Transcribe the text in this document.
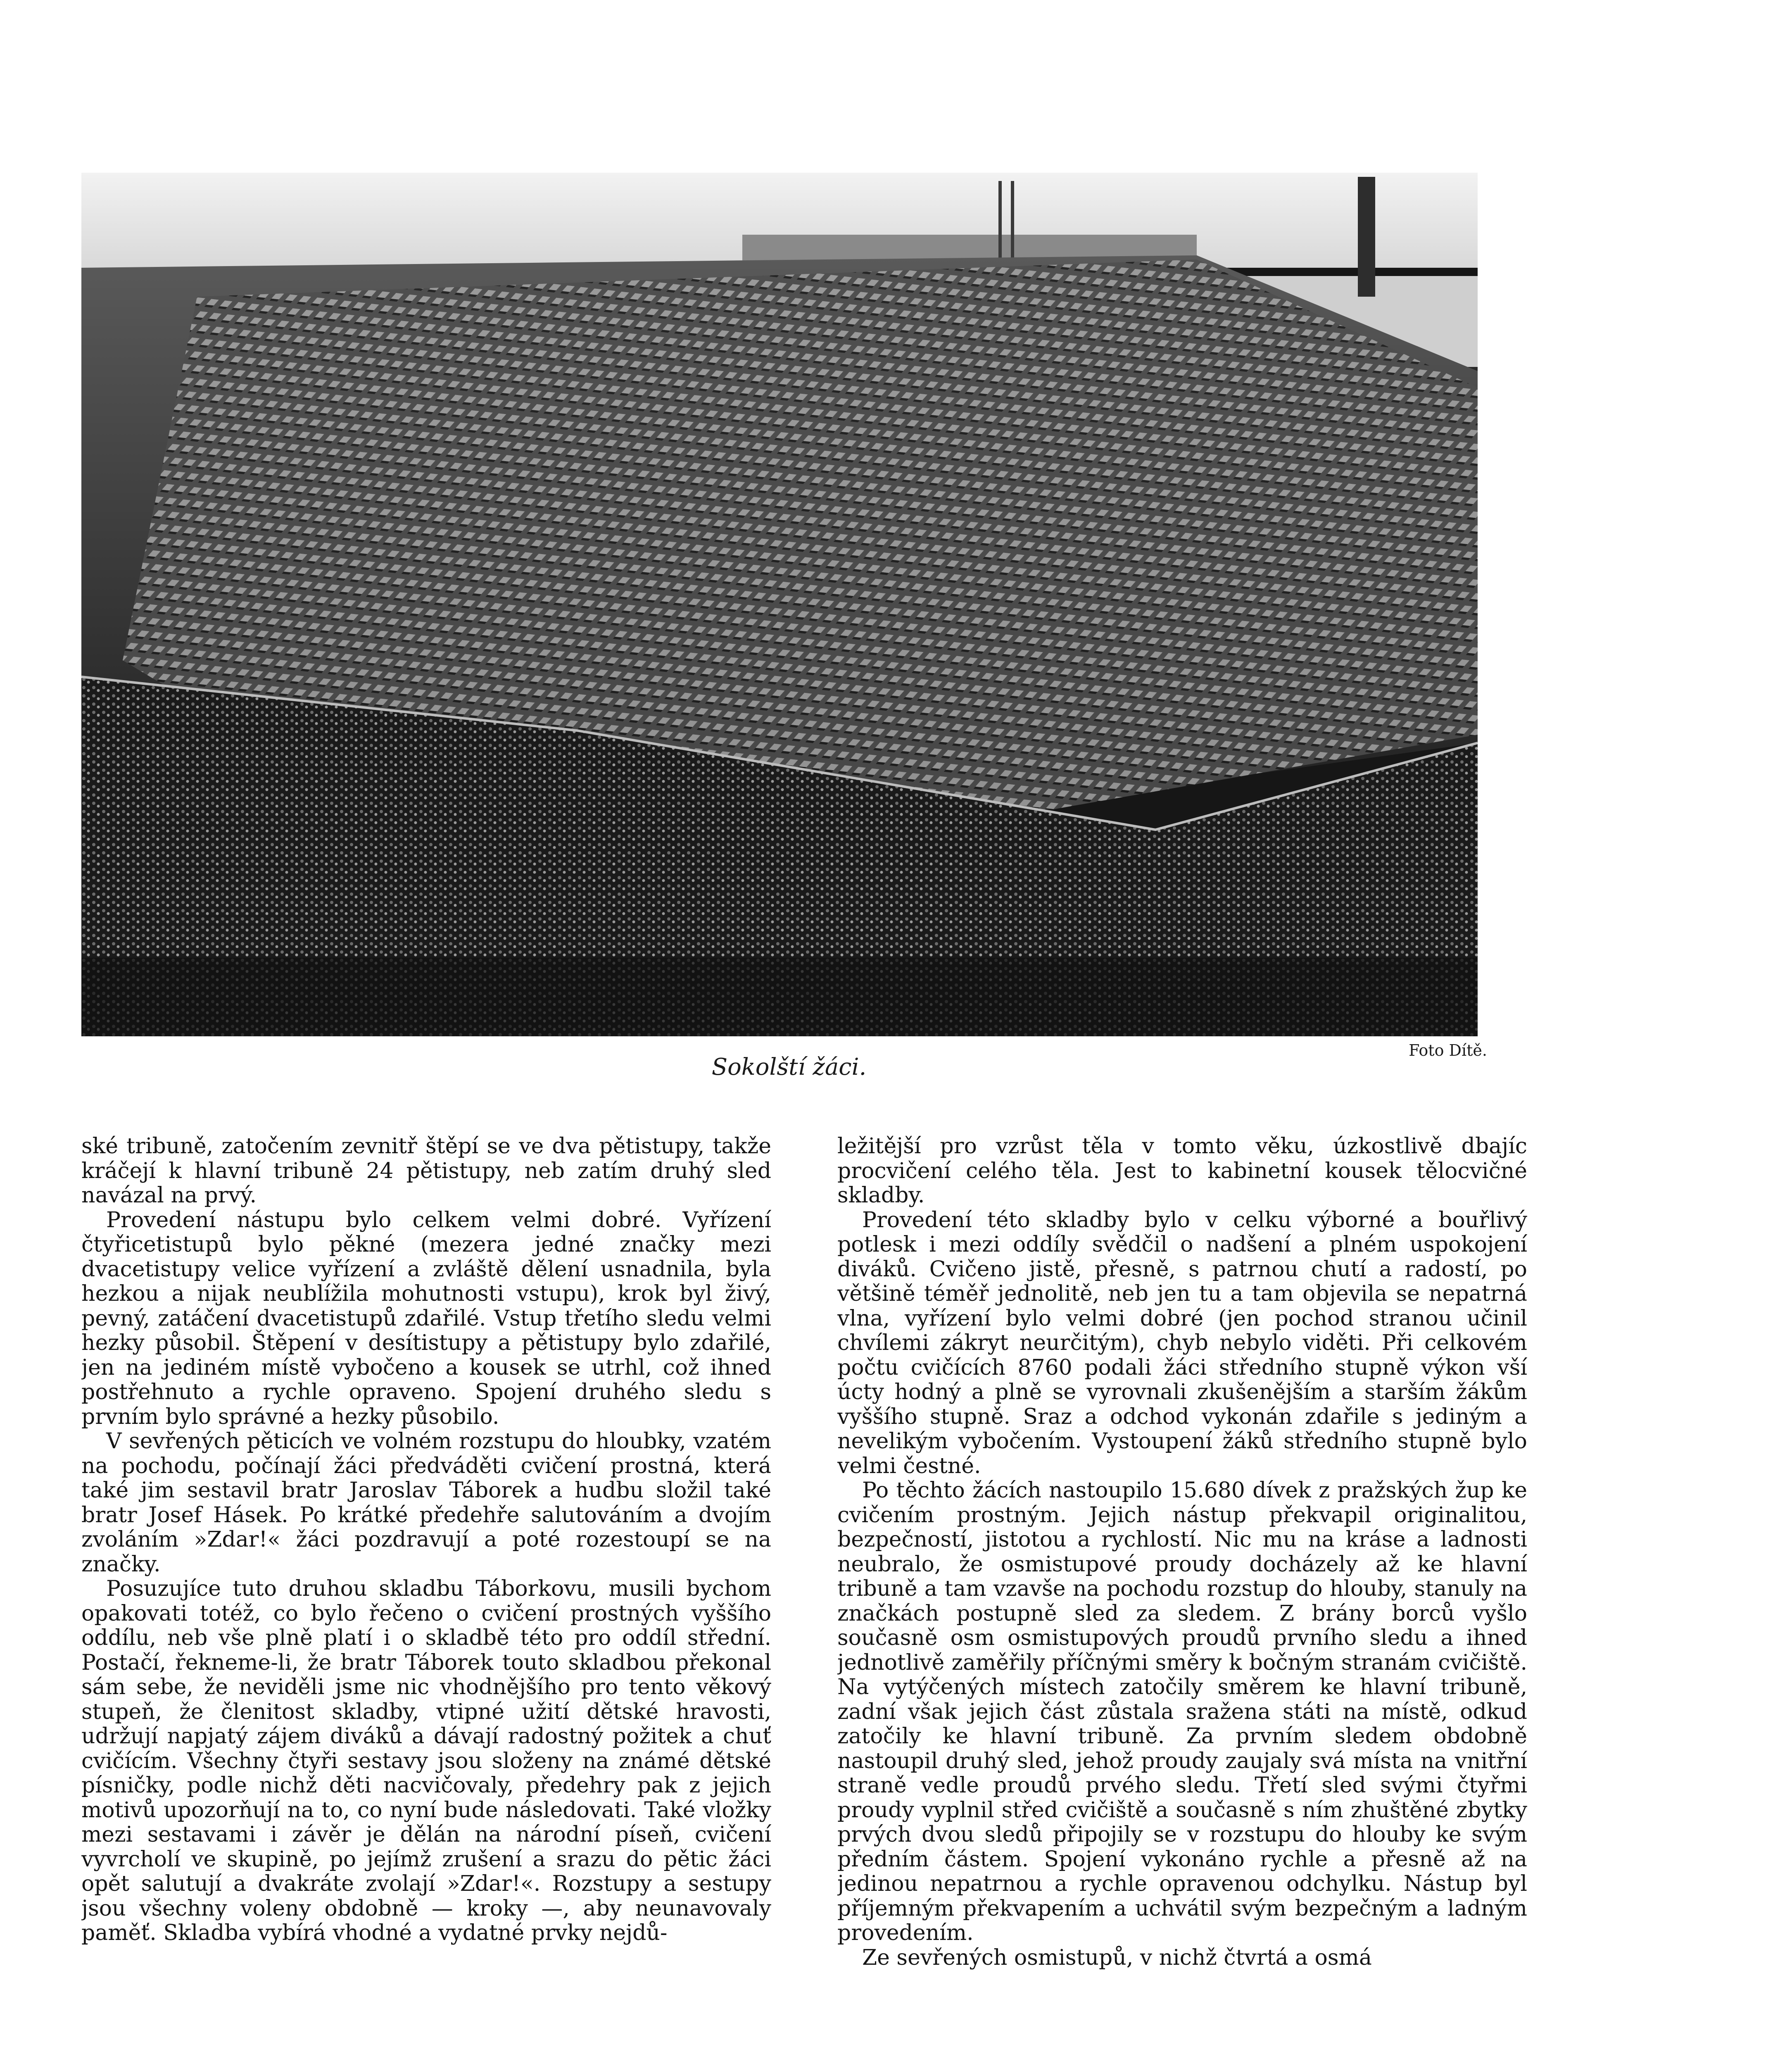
Sokolští žáci.
Foto Dítě.

ské tribuně, zatočením zevnitř štěpí se ve dva pětistupy, takže kráčejí k hlavní tribuně 24 pětistupy, neb zatím druhý sled navázal na prvý.

Provedení nástupu bylo celkem velmi dobré. Vyřízení čtyřicetistupů bylo pěkné (mezera jedné značky mezi dvacetistupy velice vyřízení a zvláště dělení usnadnila, byla hezkou a nijak neublížila mohutnosti vstupu), krok byl živý, pevný, zatáčení dvacetistupů zdařilé. Vstup třetího sledu velmi hezky působil. Štěpení v desítistupy a pětistupy bylo zdařilé, jen na jediném místě vybočeno a kousek se utrhl, což ihned postřehnuto a rychle opraveno. Spojení druhého sledu s prvním bylo správné a hezky působilo.

V sevřených pěticích ve volném rozstupu do hloubky, vzatém na pochodu, počínají žáci předváděti cvičení prostná, která také jim sestavil bratr Jaroslav Táborek a hudbu složil také bratr Josef Hásek. Po krátké předehře salutováním a dvojím zvoláním »Zdar!« žáci pozdravují a poté rozestoupí se na značky.

Posuzujíce tuto druhou skladbu Táborkovu, musili bychom opakovati totéž, co bylo řečeno o cvičení prostných vyššího oddílu, neb vše plně platí i o skladbě této pro oddíl střední. Postačí, řekneme-li, že bratr Táborek touto skladbou překonal sám sebe, že neviděli jsme nic vhodnějšího pro tento věkový stupeň, že členitost skladby, vtipné užití dětské hravosti, udržují napjatý zájem diváků a dávají radostný požitek a chuť cvičícím. Všechny čtyři sestavy jsou složeny na známé dětské písničky, podle nichž děti nacvičovaly, předehry pak z jejich motivů upozorňují na to, co nyní bude následovati. Také vložky mezi sestavami i závěr je dělán na národní píseň, cvičení vyvrcholí ve skupině, po jejímž zrušení a srazu do pětic žáci opět salutují a dvakráte zvolají »Zdar!«. Rozstupy a sestupy jsou všechny voleny obdobně — kroky —, aby neunavovaly paměť. Skladba vybírá vhodné a vydatné prvky nejdů-

ležitější pro vzrůst těla v tomto věku, úzkostlivě dbajíc procvičení celého těla. Jest to kabinetní kousek tělocvičné skladby.

Provedení této skladby bylo v celku výborné a bouřlivý potlesk i mezi oddíly svědčil o nadšení a plném uspokojení diváků. Cvičeno jistě, přesně, s patrnou chutí a radostí, po většině téměř jednolitě, neb jen tu a tam objevila se nepatrná vlna, vyřízení bylo velmi dobré (jen pochod stranou učinil chvílemi zákryt neurčitým), chyb nebylo viděti. Při celkovém počtu cvičících 8760 podali žáci středního stupně výkon vší úcty hodný a plně se vyrovnali zkušenějším a starším žákům vyššího stupně. Sraz a odchod vykonán zdařile s jediným a nevelikým vybočením. Vystoupení žáků středního stupně bylo velmi čestné.

Po těchto žácích nastoupilo 15.680 dívek z pražských žup ke cvičením prostným. Jejich nástup překvapil originalitou, bezpečností, jistotou a rychlostí. Nic mu na kráse a ladnosti neubralo, že osmistupové proudy docházely až ke hlavní tribuně a tam vzavše na pochodu rozstup do hlouby, stanuly na značkách postupně sled za sledem. Z brány borců vyšlo současně osm osmistupových proudů prvního sledu a ihned jednotlivě zaměřily příčnými směry k bočným stranám cvičiště. Na vytýčených místech zatočily směrem ke hlavní tribuně, zadní však jejich část zůstala sražena státi na místě, odkud zatočily ke hlavní tribuně. Za prvním sledem obdobně nastoupil druhý sled, jehož proudy zaujaly svá místa na vnitřní straně vedle proudů prvého sledu. Třetí sled svými čtyřmi proudy vyplnil střed cvičiště a současně s ním zhuštěné zbytky prvých dvou sledů připojily se v rozstupu do hlouby ke svým předním částem. Spojení vykonáno rychle a přesně až na jedinou nepatrnou a rychle opravenou odchylku. Nástup byl příjemným překvapením a uchvátil svým bezpečným a ladným provedením.

Ze sevřených osmistupů, v nichž čtvrtá a osmá
